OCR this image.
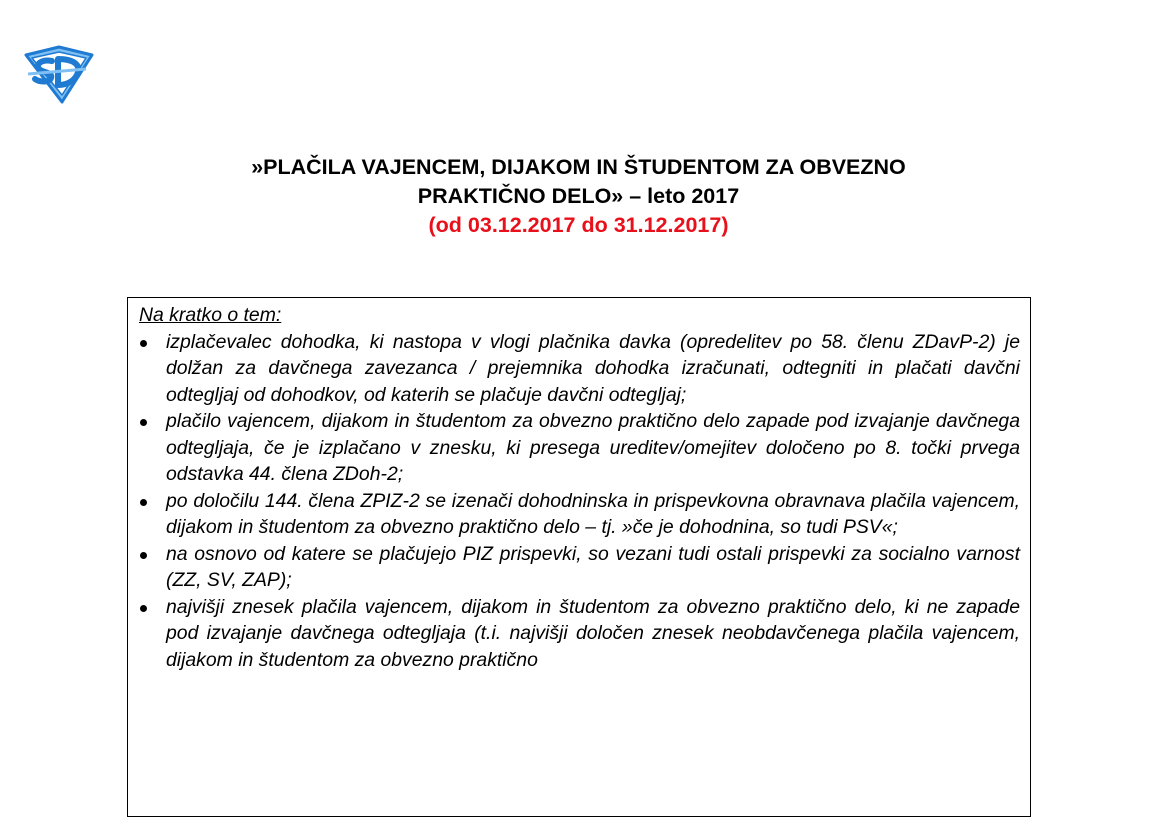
»PLAČILA VAJENCEM, DIJAKOM IN ŠTUDENTOM ZA OBVEZNO
PRAKTIČNO DELO» – leto 2017
(od 03.12.2017 do 31.12.2017)
Na kratko o tem:
izplačevalec dohodka, ki nastopa v vlogi plačnika davka (opredelitev po 58. členu ZDavP-2) je dolžan za davčnega zavezanca / prejemnika dohodka izračunati, odtegniti in plačati davčni odtegljaj od dohodkov, od katerih se plačuje davčni odtegljaj;
plačilo vajencem, dijakom in študentom za obvezno praktično delo zapade pod izvajanje davčnega odtegljaja, če je izplačano v znesku, ki presega ureditev/omejitev določeno po 8. točki prvega odstavka 44. člena ZDoh-2;
po določilu 144. člena ZPIZ-2 se izenači dohodninska in prispevkovna obravnava plačila vajencem, dijakom in študentom za obvezno praktično delo – tj. »če je dohodnina, so tudi PSV«;
na osnovo od katere se plačujejo PIZ prispevki, so vezani tudi ostali prispevki za socialno varnost (ZZ, SV, ZAP);
najvišji znesek plačila vajencem, dijakom in študentom za obvezno praktično delo, ki ne zapade pod izvajanje davčnega odtegljaja (t.i. najvišji določen znesek neobdavčenega plačila vajencem, dijakom in študentom za obvezno praktično
